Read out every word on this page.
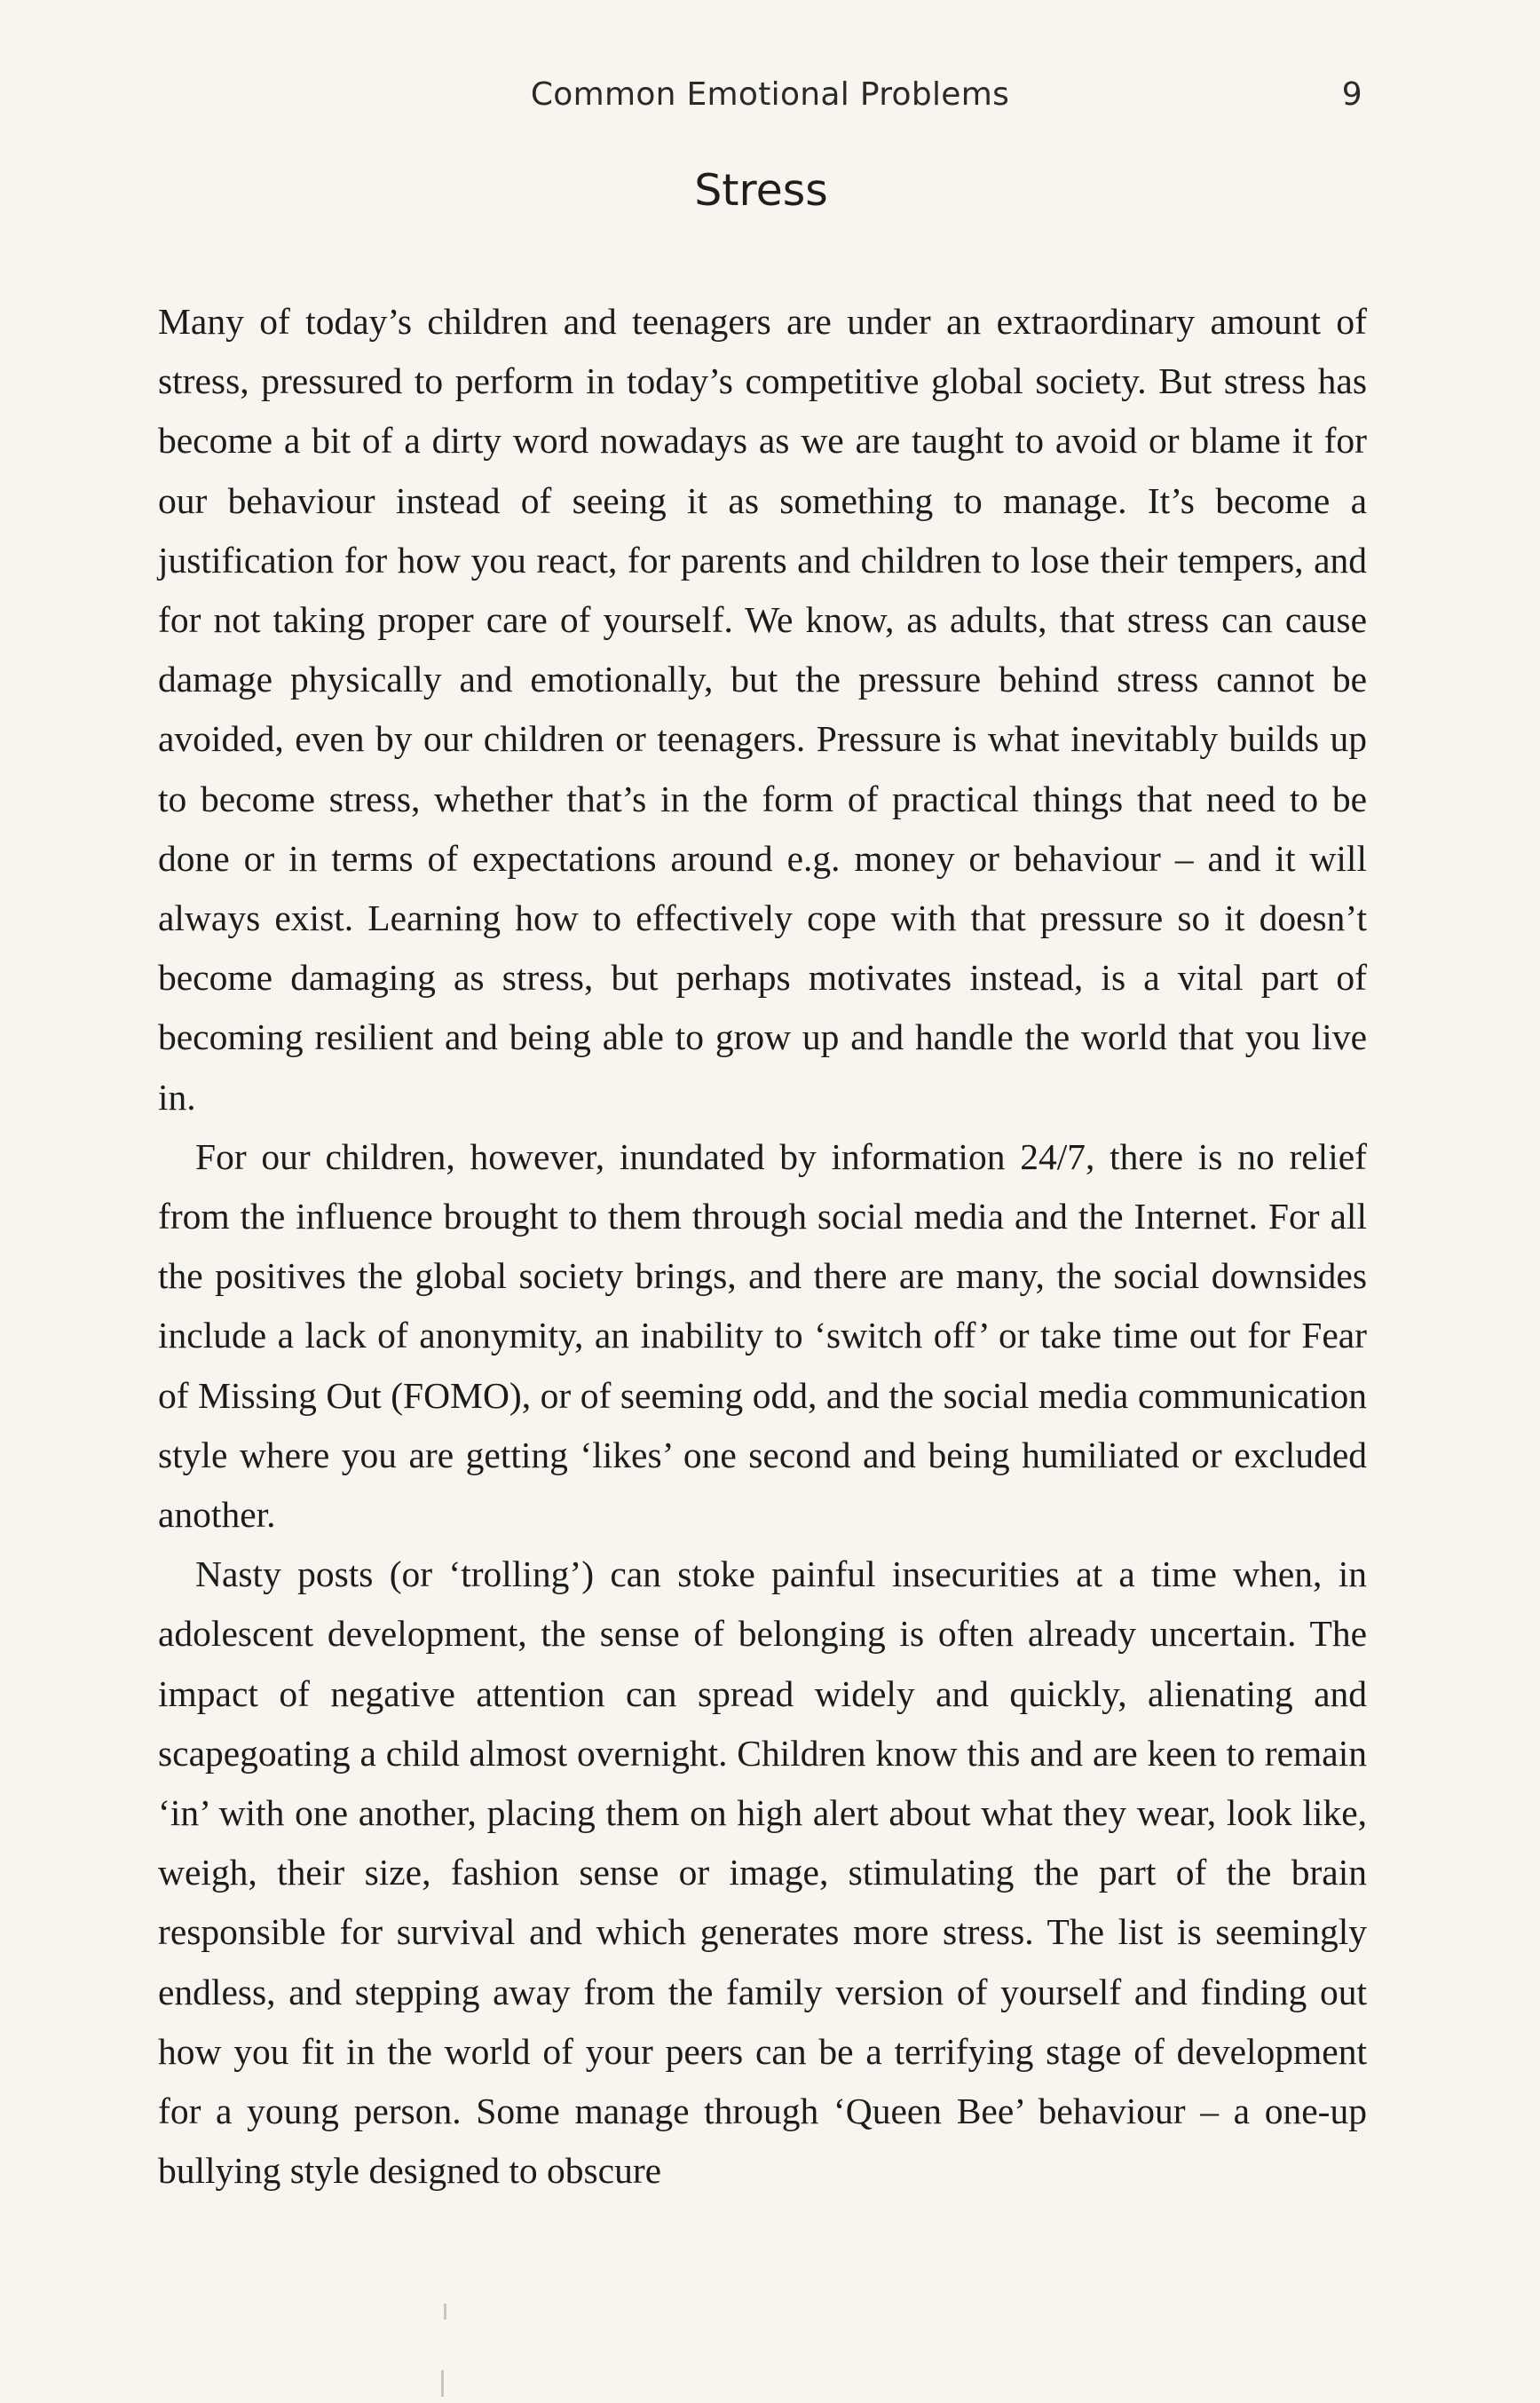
Common Emotional Problems	9
Stress

Many of today’s children and teenagers are under an extraordinary amount of stress, pressured to perform in today’s competitive global society. But stress has become a bit of a dirty word nowadays as we are taught to avoid or blame it for our behaviour instead of seeing it as something to manage. It’s become a justification for how you react, for parents and children to lose their tempers, and for not taking proper care of yourself. We know, as adults, that stress can cause damage physically and emotionally, but the pressure behind stress cannot be avoided, even by our children or teenagers. Pressure is what inevitably builds up to become stress, whether that’s in the form of practical things that need to be done or in terms of expectations around e.g. money or behaviour – and it will always exist. Learning how to effectively cope with that pressure so it doesn’t become damaging as stress, but perhaps motivates instead, is a vital part of becoming resilient and being able to grow up and handle the world that you live in.

For our children, however, inundated by information 24/7, there is no relief from the influence brought to them through social media and the Internet. For all the positives the global society brings, and there are many, the social downsides include a lack of anonymity, an inability to ‘switch off’ or take time out for Fear of Missing Out (FOMO), or of seeming odd, and the social media communication style where you are getting ‘likes’ one second and being humiliated or excluded another.

Nasty posts (or ‘trolling’) can stoke painful insecurities at a time when, in adolescent development, the sense of belonging is often already uncertain. The impact of negative attention can spread widely and quickly, alienating and scapegoating a child almost overnight. Children know this and are keen to remain ‘in’ with one another, placing them on high alert about what they wear, look like, weigh, their size, fashion sense or image, stimulating the part of the brain responsible for survival and which generates more stress. The list is seemingly endless, and stepping away from the family version of yourself and finding out how you fit in the world of your peers can be a terrifying stage of development for a young person. Some manage through ‘Queen Bee’ behaviour – a one-up bullying style designed to obscure
